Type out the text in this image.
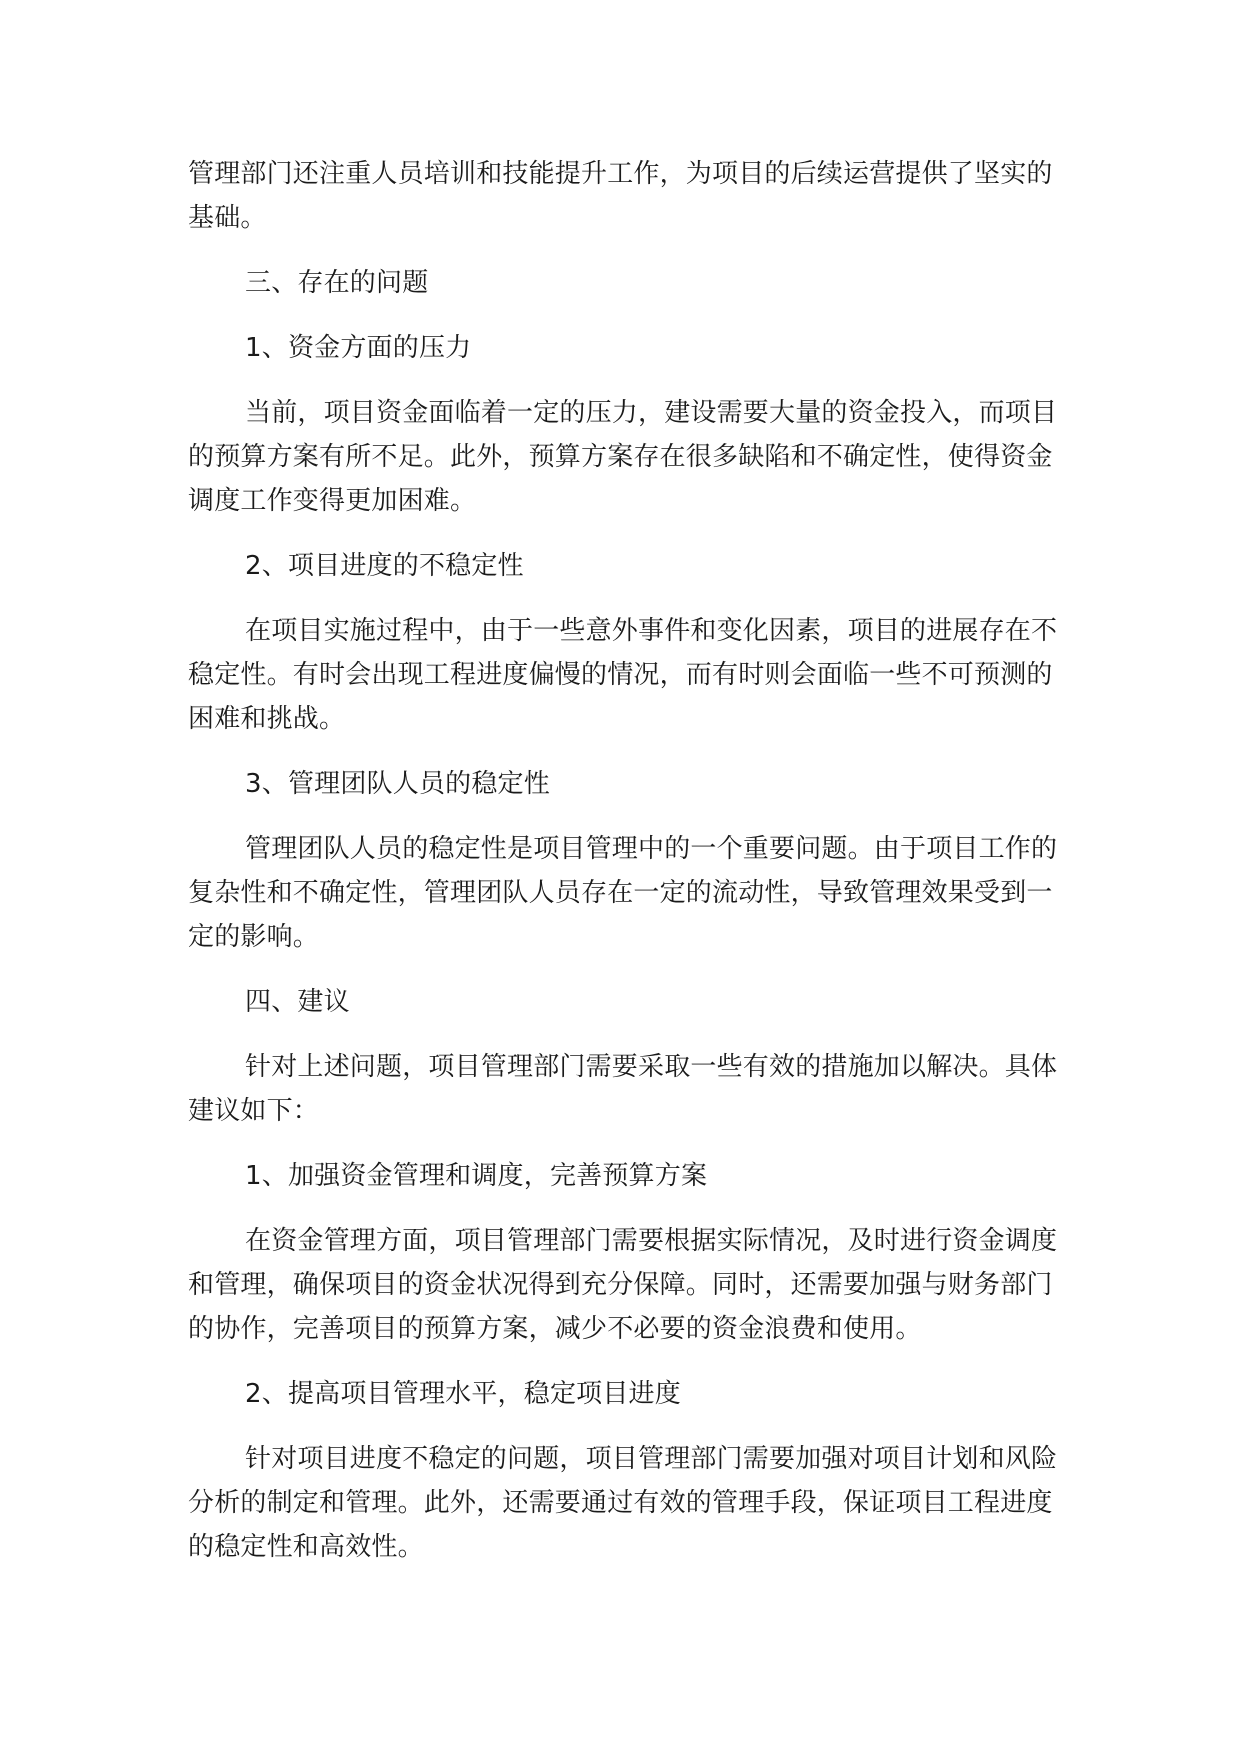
管理部门还注重人员培训和技能提升工作，为项目的后续运营提供了坚实的基础。

三、存在的问题

1、资金方面的压力

当前，项目资金面临着一定的压力，建设需要大量的资金投入，而项目的预算方案有所不足。此外，预算方案存在很多缺陷和不确定性，使得资金调度工作变得更加困难。

2、项目进度的不稳定性

在项目实施过程中，由于一些意外事件和变化因素，项目的进展存在不稳定性。有时会出现工程进度偏慢的情况，而有时则会面临一些不可预测的困难和挑战。

3、管理团队人员的稳定性

管理团队人员的稳定性是项目管理中的一个重要问题。由于项目工作的复杂性和不确定性，管理团队人员存在一定的流动性，导致管理效果受到一定的影响。

四、建议

针对上述问题，项目管理部门需要采取一些有效的措施加以解决。具体建议如下：

1、加强资金管理和调度，完善预算方案

在资金管理方面，项目管理部门需要根据实际情况，及时进行资金调度和管理，确保项目的资金状况得到充分保障。同时，还需要加强与财务部门的协作，完善项目的预算方案，减少不必要的资金浪费和使用。

2、提高项目管理水平，稳定项目进度

针对项目进度不稳定的问题，项目管理部门需要加强对项目计划和风险分析的制定和管理。此外，还需要通过有效的管理手段，保证项目工程进度的稳定性和高效性。
